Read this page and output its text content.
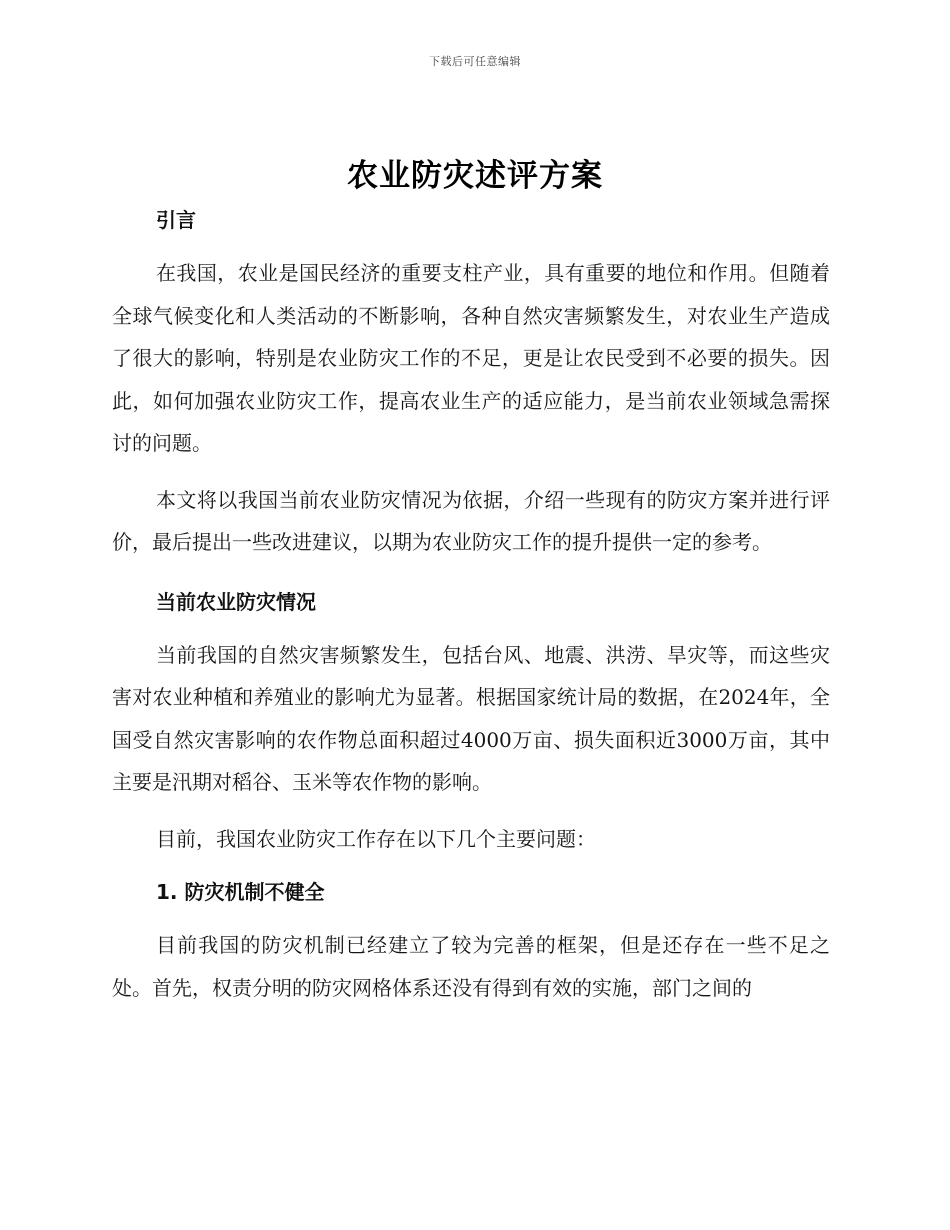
下载后可任意编辑
农业防灾述评方案

引言

在我国，农业是国民经济的重要支柱产业，具有重要的地位和作用。但随着全球气候变化和人类活动的不断影响，各种自然灾害频繁发生，对农业生产造成了很大的影响，特别是农业防灾工作的不足，更是让农民受到不必要的损失。因此，如何加强农业防灾工作，提高农业生产的适应能力，是当前农业领域急需探讨的问题。

本文将以我国当前农业防灾情况为依据，介绍一些现有的防灾方案并进行评价，最后提出一些改进建议，以期为农业防灾工作的提升提供一定的参考。

当前农业防灾情况

当前我国的自然灾害频繁发生，包括台风、地震、洪涝、旱灾等，而这些灾害对农业种植和养殖业的影响尤为显著。根据国家统计局的数据，在2024年，全国受自然灾害影响的农作物总面积超过4000万亩、损失面积近3000万亩，其中主要是汛期对稻谷、玉米等农作物的影响。

目前，我国农业防灾工作存在以下几个主要问题：

1. 防灾机制不健全

目前我国的防灾机制已经建立了较为完善的框架，但是还存在一些不足之处。首先，权责分明的防灾网格体系还没有得到有效的实施，部门之间的
